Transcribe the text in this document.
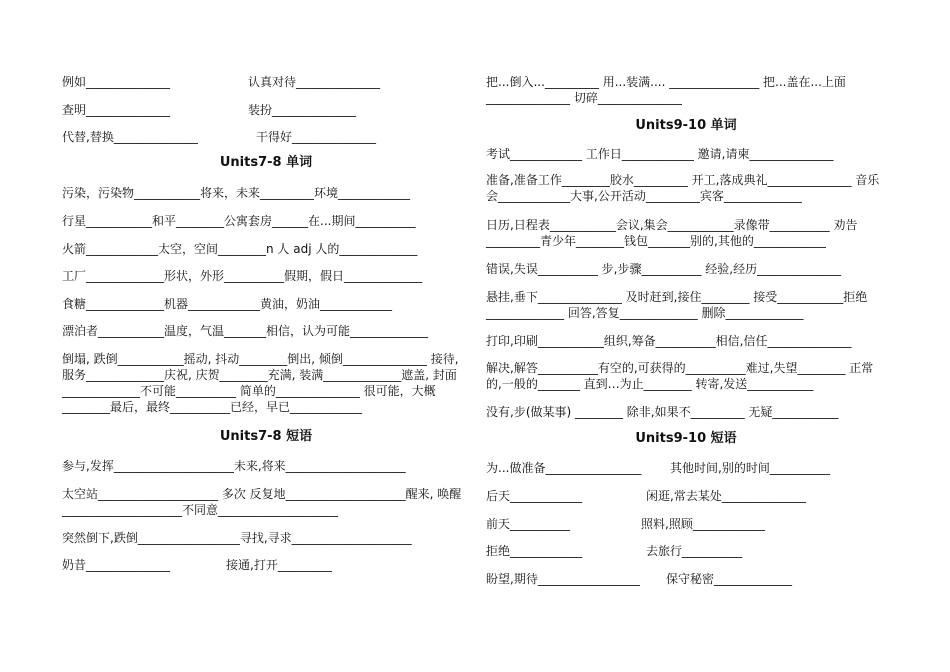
例如______________	认真对待______________
查明______________	装扮______________
代替,替换______________	干得好______________
Units7-8 单词
污染，污染物___________将来，未来_________环境____________
行星___________和平________公寓套房______在...期间__________
火箭____________太空，空间________n 人 adj 人的_____________
工厂_____________形状，外形__________假期，假日_____________
食糖_____________机器____________黄油，奶油____________
漂泊者___________温度，气温_______相信，认为可能_____________
倒塌, 跌倒___________摇动, 抖动________倒出, 倾倒______________ 接待, 服务_____________庆祝, 庆贺________充满, 装满_____________遮盖, 封面_____________不可能__________ 简单的______________ 很可能，大概________最后，最终__________已经，早已____________
Units7-8 短语
参与,发挥____________________未来,将来____________________
太空站____________________ 多次 反复地____________________醒来, 唤醒____________________不同意____________________
突然倒下,跌倒_________________寻找,寻求____________________
奶昔______________	接通,打开_________
把...倒入..._________ 用...装满.... _______________ 把...盖在...上面______________ 切碎______________
Units9-10 单词
考试____________ 工作日____________ 邀请,请柬______________
准备,准备工作________胶水_________ 开工,落成典礼______________ 音乐会____________大事,公开活动_________宾客_____________
日历,日程表___________会议,集会___________录像带__________ 劝告_________青少年________钱包_______别的,其他的____________
错误,失误__________ 步,步骤__________ 经验,经历______________
悬挂,垂下______________ 及时赶到,接住________ 接受___________拒绝_____________ 回答,答复_____________ 删除_____________
打印,印刷___________组织,筹备__________相信,信任______________
解决,解答__________有空的,可获得的__________难过,失望________ 正常的,一般的_______ 直到…为止________ 转寄,发送___________
没有,步(做某事) ________ 除非,如果不_________ 无疑___________
Units9-10 短语
为...做准备________________ 其他时间,别的时间__________
后天____________	闲逛,常去某处______________
前天__________	照料,照顾____________
拒绝____________	去旅行__________
盼望,期待_________________ 保守秘密_____________
